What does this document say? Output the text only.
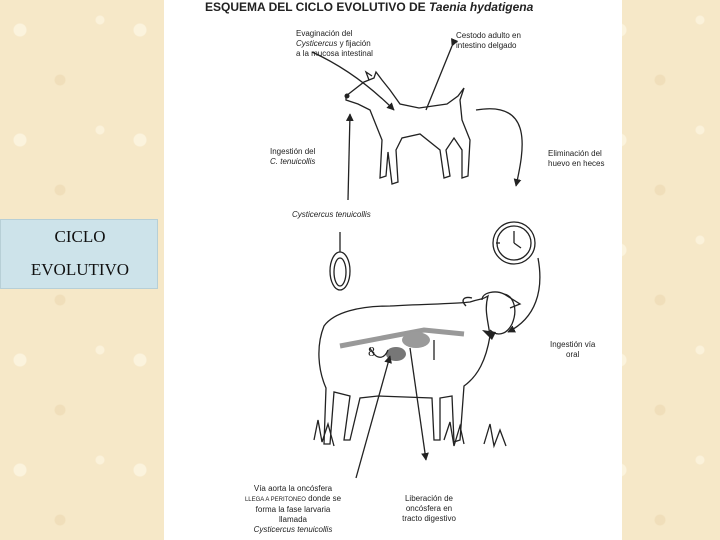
8
ESQUEMA DEL CICLO EVOLUTIVO DE Taenia hydatigena
Evaginación del
Cysticercus y fijación
a la mucosa intestinal
Cestodo adulto en
intestino delgado
Ingestión del
C. tenuicollis
Eliminación del
huevo en heces
Cysticercus tenuicollis
Ingestión vía
oral
Vía aorta la oncósfera
LLEGA A PERITONEO donde se
forma la fase larvaria
llamada
Cysticercus tenuicollis
Liberación de
oncósfera en
tracto digestivo
CICLO
EVOLUTIVO
